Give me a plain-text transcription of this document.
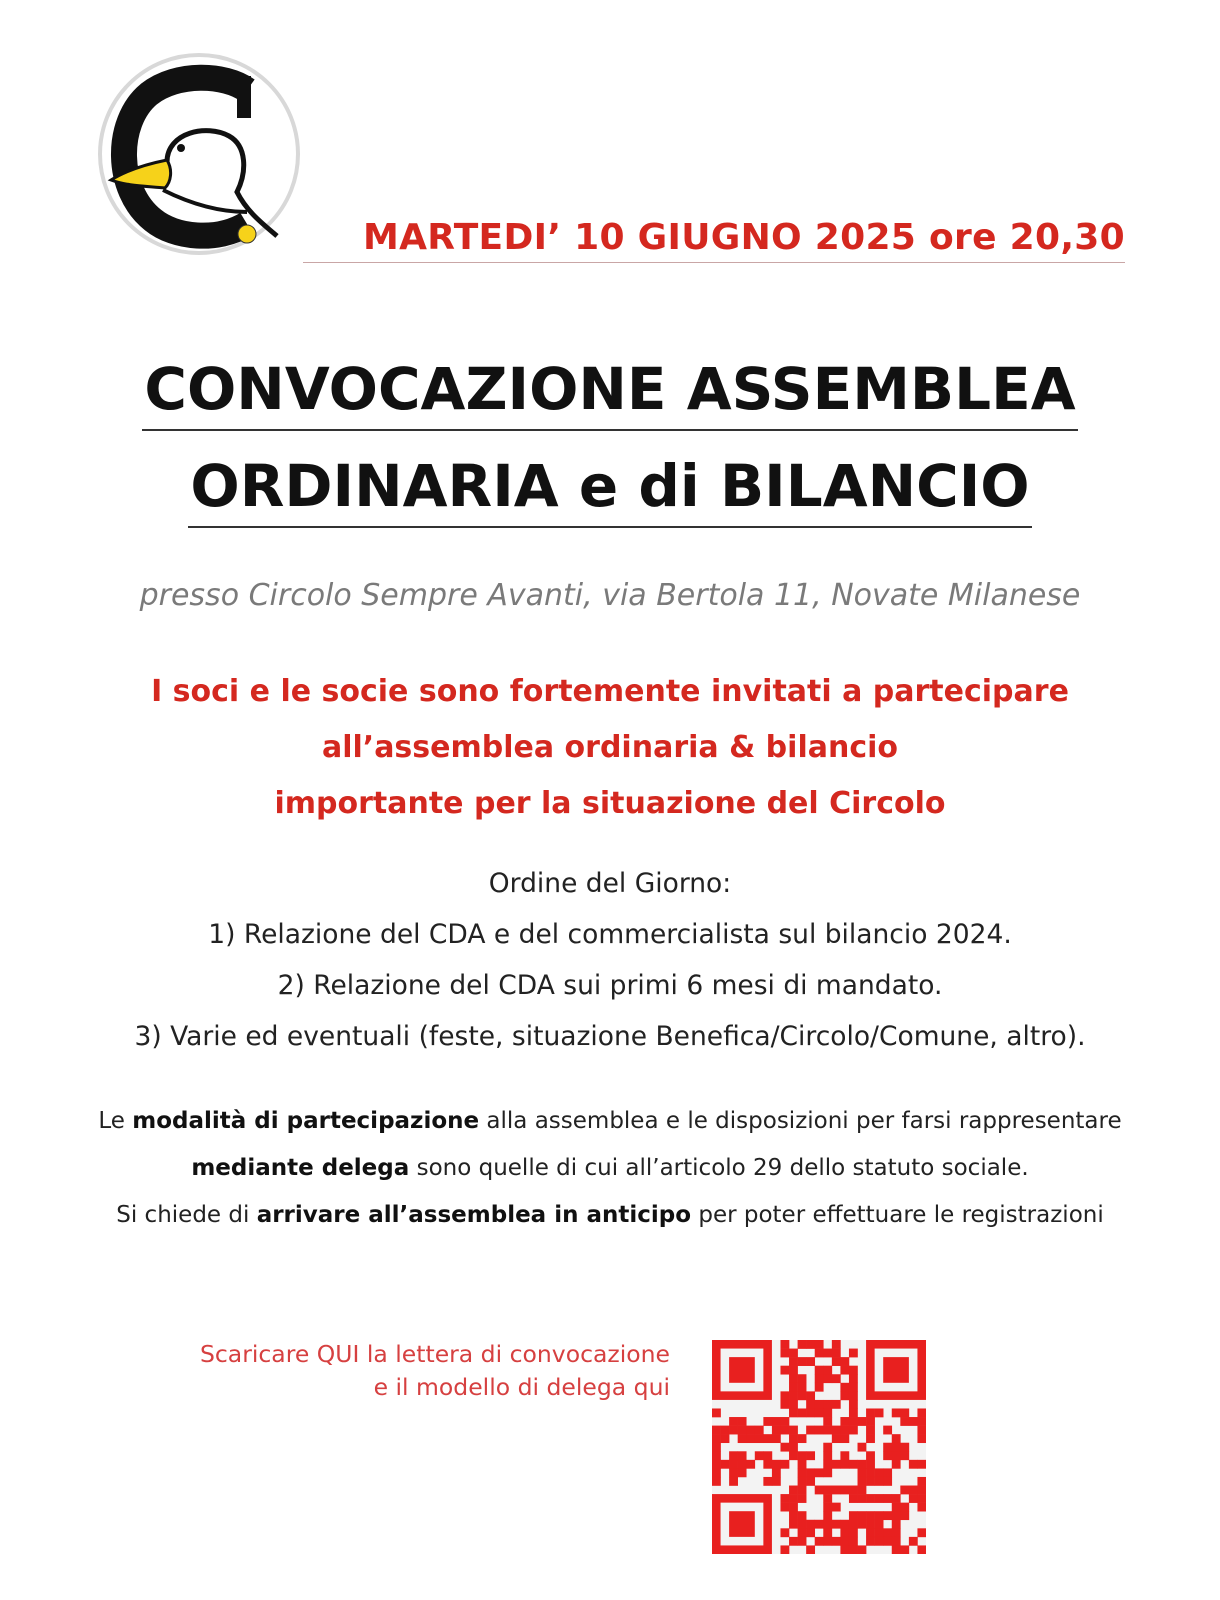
MARTEDI’ 10 GIUGNO 2025 ore 20,30

CONVOCAZIONE ASSEMBLEA
ORDINARIA e di BILANCIO
presso Circolo Sempre Avanti, via Bertola 11, Novate Milanese
I soci e le socie sono fortemente invitati a partecipare
all’assemblea ordinaria & bilancio
importante per la situazione del Circolo
Ordine del Giorno:
1) Relazione del CDA e del commercialista sul bilancio 2024.
2) Relazione del CDA sui primi 6 mesi di mandato.
3) Varie ed eventuali (feste, situazione Benefica/Circolo/Comune, altro).
Le modalità di partecipazione alla assemblea e le disposizioni per farsi rappresentare
mediante delega sono quelle di cui all’articolo 29 dello statuto sociale.
Si chiede di arrivare all’assemblea in anticipo per poter effettuare le registrazioni
Scaricare QUI la lettera di convocazione
e il modello di delega qui
